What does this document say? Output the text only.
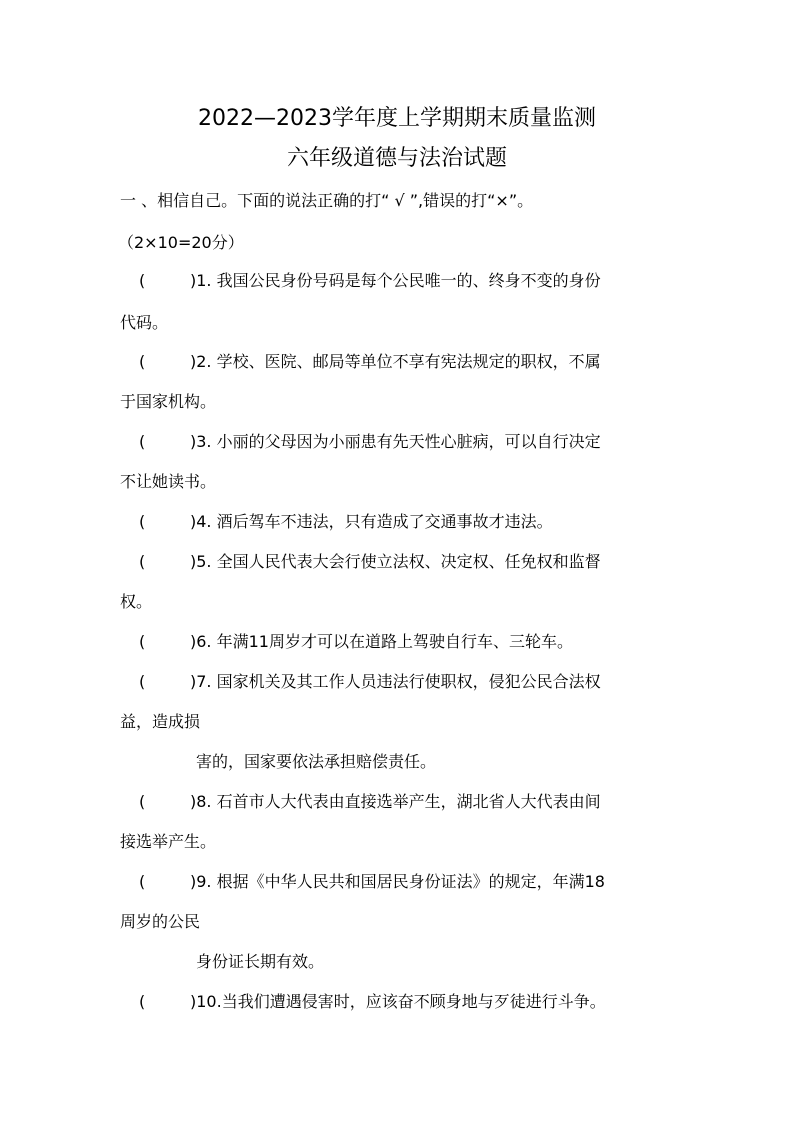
2022—2023学年度上学期期末质量监测
六年级道德与法治试题
一 、相信自己。下面的说法正确的打“ √ ”,错误的打“×”。
（2×10=20分）
(	)1. 我国公民身份号码是每个公民唯一的、终身不变的身份
代码。
(	)2. 学校、医院、邮局等单位不享有宪法规定的职权，不属
于国家机构。
(	)3. 小丽的父母因为小丽患有先天性心脏病，可以自行决定
不让她读书。
(	)4. 酒后驾车不违法，只有造成了交通事故才违法。
(	)5. 全国人民代表大会行使立法权、决定权、任免权和监督
权。
(	)6. 年满11周岁才可以在道路上驾驶自行车、三轮车。
(	)7. 国家机关及其工作人员违法行使职权，侵犯公民合法权
益，造成损
害的，国家要依法承担赔偿责任。
(	)8. 石首市人大代表由直接选举产生，湖北省人大代表由间
接选举产生。
(	)9. 根据《中华人民共和国居民身份证法》的规定，年满18
周岁的公民
身份证长期有效。
(	)10.当我们遭遇侵害时，应该奋不顾身地与歹徒进行斗争。
